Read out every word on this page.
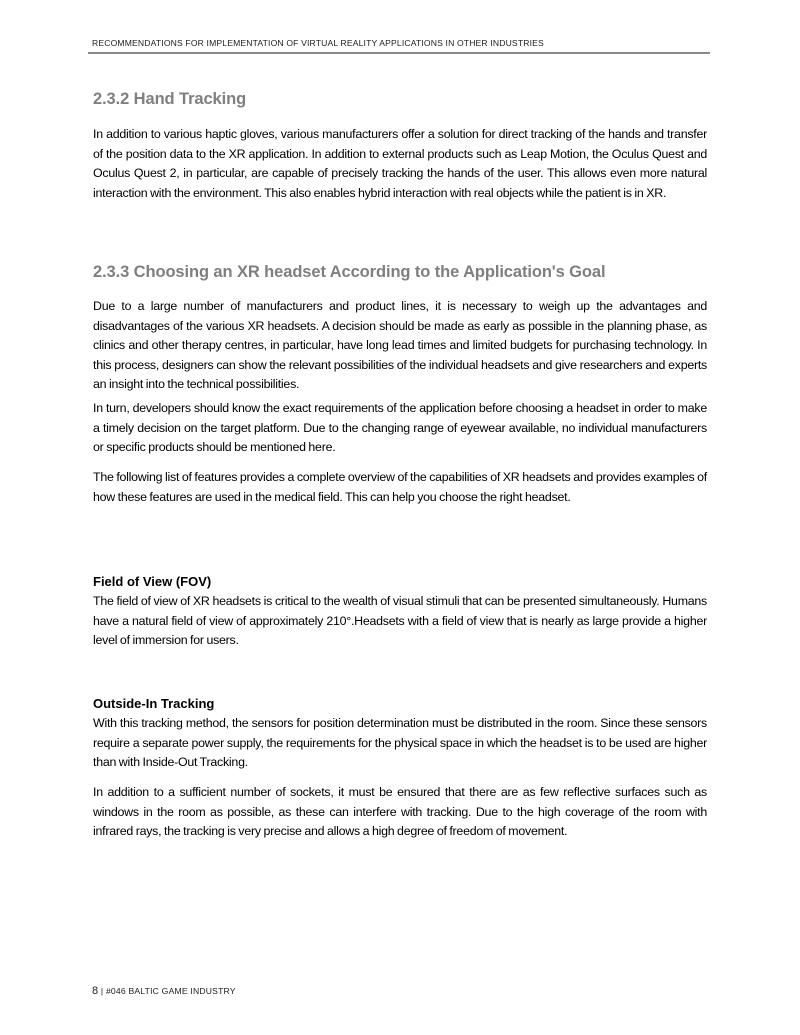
RECOMMENDATIONS FOR IMPLEMENTATION OF VIRTUAL REALITY APPLICATIONS IN OTHER INDUSTRIES
2.3.2 Hand Tracking

In addition to various haptic gloves, various manufacturers offer a solution for direct tracking of the hands and transfer of the position data to the XR application. In addition to external products such as Leap Motion, the Oculus Quest and Oculus Quest 2, in particular, are capable of precisely tracking the hands of the user. This allows even more natural interaction with the environment. This also enables hybrid interaction with real objects while the patient is in XR.

2.3.3 Choosing an XR headset According to the Application's Goal

Due to a large number of manufacturers and product lines, it is necessary to weigh up the advantages and disadvantages of the various XR headsets. A decision should be made as early as possible in the planning phase, as clinics and other therapy centres, in particular, have long lead times and limited budgets for purchasing technology. In this process, designers can show the relevant possibilities of the individual headsets and give researchers and experts an insight into the technical possibilities.

In turn, developers should know the exact requirements of the application before choosing a headset in order to make a timely decision on the target platform. Due to the changing range of eyewear available, no individual manufacturers or specific products should be mentioned here.

The following list of features provides a complete overview of the capabilities of XR headsets and provides examples of how these features are used in the medical field. This can help you choose the right headset.

Field of View (FOV)

The field of view of XR headsets is critical to the wealth of visual stimuli that can be presented simultaneously. Humans have a natural field of view of approximately 210°.Headsets with a field of view that is nearly as large provide a higher level of immersion for users.

Outside-In Tracking

With this tracking method, the sensors for position determination must be distributed in the room. Since these sensors require a separate power supply, the requirements for the physical space in which the headset is to be used are higher than with Inside-Out Tracking.

In addition to a sufficient number of sockets, it must be ensured that there are as few reflective surfaces such as windows in the room as possible, as these can interfere with tracking. Due to the high coverage of the room with infrared rays, the tracking is very precise and allows a high degree of freedom of movement.

8 | #046 BALTIC GAME INDUSTRY
